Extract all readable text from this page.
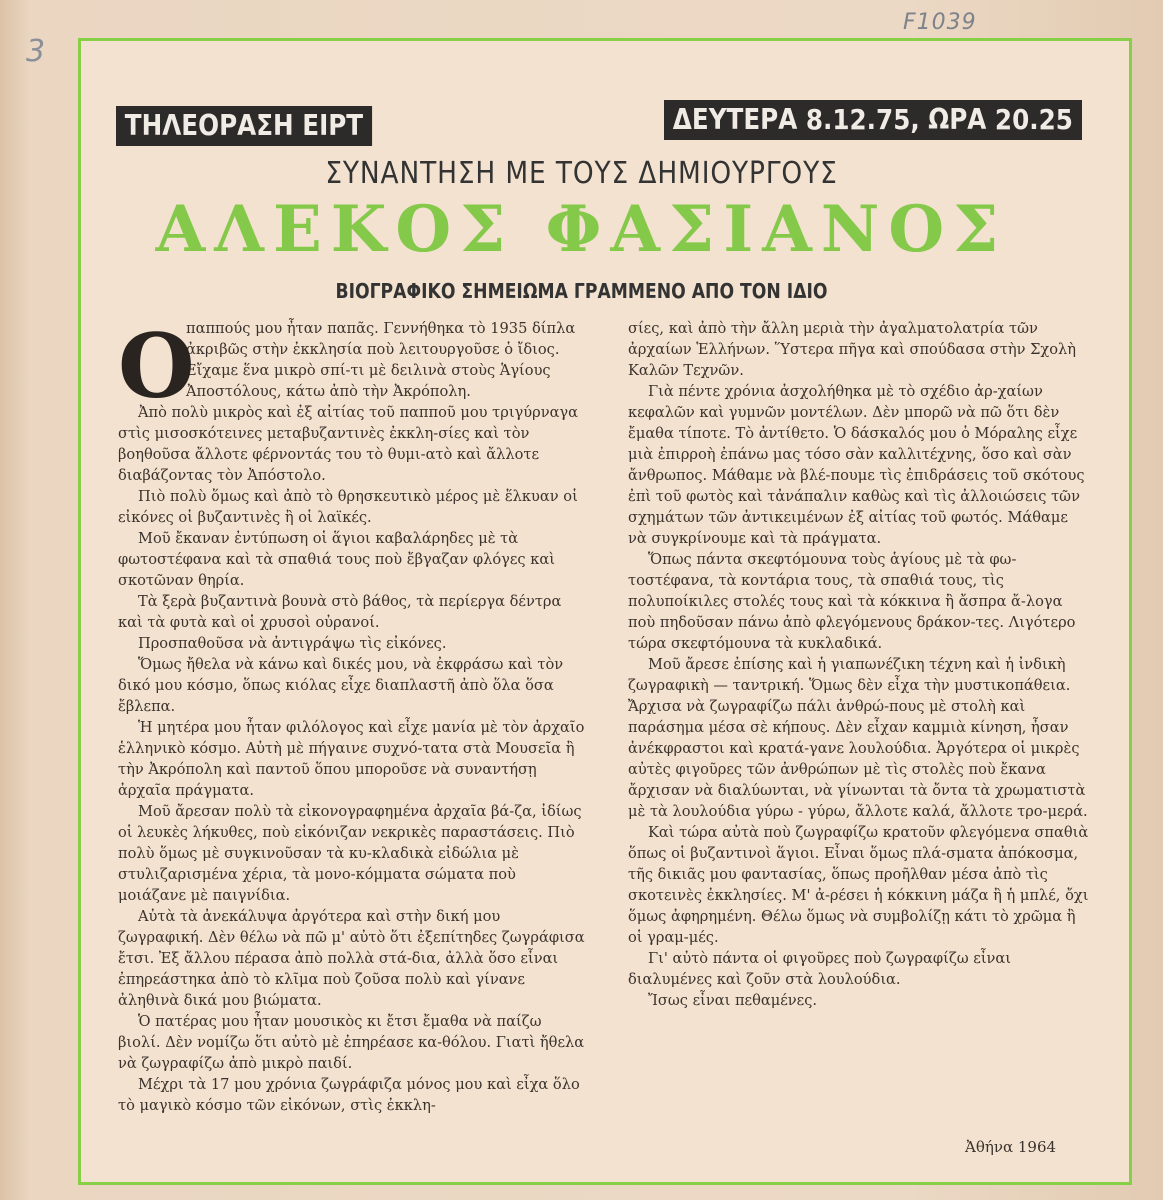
3
F1039
ΤΗΛΕΟΡΑΣΗ ΕΙΡΤ	ΔΕΥΤΕΡΑ 8.12.75, ΩΡΑ 20.25
ΣΥΝΑΝΤΗΣΗ ΜΕ ΤΟΥΣ ΔΗΜΙΟΥΡΓΟΥΣ
ΑΛΕΚΟΣ ΦΑΣΙΑΝΟΣ
ΒΙΟΓΡΑΦΙΚΟ ΣΗΜΕΙΩΜΑ ΓΡΑΜΜΕΝΟ ΑΠΟ ΤΟΝ ΙΔΙΟ
Ο

παππούς μου ἦταν παπᾶς. Γεννήθηκα τὸ 1935 δίπλα ἀκριβῶς στὴν ἐκκλησία ποὺ λειτουργοῦσε ὁ ἴδιος. Εἴχαμε ἕνα μικρὸ σπί-τι μὲ δειλινὰ στοὺς Ἁγίους Ἀποστόλους, κάτω ἀπὸ τὴν Ἀκρόπολη.

Ἀπὸ πολὺ μικρὸς καὶ ἐξ αἰτίας τοῦ παπποῦ μου τριγύρναγα στὶς μισοσκότεινες μεταβυζαντινὲς ἐκκλη-σίες καὶ τὸν βοηθοῦσα ἄλλοτε φέρνοντάς του τὸ θυμι-ατὸ καὶ ἄλλοτε διαβάζοντας τὸν Ἀπόστολο.

Πιὸ πολὺ ὅμως καὶ ἀπὸ τὸ θρησκευτικὸ μέρος μὲ ἕλκυαν οἱ εἰκόνες οἱ βυζαντινὲς ἢ οἱ λαϊκές.

Μοῦ ἔκαναν ἐντύπωση οἱ ἅγιοι καβαλάρηδες μὲ τὰ φωτοστέφανα καὶ τὰ σπαθιά τους ποὺ ἔβγαζαν φλόγες καὶ σκοτῶναν θηρία.

Τὰ ξερὰ βυζαντινὰ βουνὰ στὸ βάθος, τὰ περίεργα δέντρα καὶ τὰ φυτὰ καὶ οἱ χρυσοὶ οὐρανοί.

Προσπαθοῦσα νὰ ἀντιγράψω τὶς εἰκόνες.

Ὅμως ἤθελα νὰ κάνω καὶ δικές μου, νὰ ἐκφράσω καὶ τὸν δικό μου κόσμο, ὅπως κιόλας εἶχε διαπλαστῆ ἀπὸ ὅλα ὅσα ἔβλεπα.

Ἡ μητέρα μου ἦταν φιλόλογος καὶ εἶχε μανία μὲ τὸν ἀρχαῖο ἑλληνικὸ κόσμο. Αὐτὴ μὲ πήγαινε συχνό-τατα στὰ Μουσεῖα ἢ τὴν Ἀκρόπολη καὶ παντοῦ ὅπου μποροῦσε νὰ συναντήσῃ ἀρχαῖα πράγματα.

Μοῦ ἄρεσαν πολὺ τὰ εἰκονογραφημένα ἀρχαῖα βά-ζα, ἰδίως οἱ λευκὲς λήκυθες, ποὺ εἰκόνιζαν νεκρικὲς παραστάσεις. Πιὸ πολὺ ὅμως μὲ συγκινοῦσαν τὰ κυ-κλαδικὰ εἰδώλια μὲ στυλιζαρισμένα χέρια, τὰ μονο-κόμματα σώματα ποὺ μοιάζανε μὲ παιγνίδια.

Αὐτὰ τὰ ἀνεκάλυψα ἀργότερα καὶ στὴν δική μου ζωγραφική. Δὲν θέλω νὰ πῶ μ' αὐτὸ ὅτι ἐξεπίτηδες ζωγράφισα ἔτσι. Ἐξ ἄλλου πέρασα ἀπὸ πολλὰ στά-δια, ἀλλὰ ὅσο εἶναι ἐπηρεάστηκα ἀπὸ τὸ κλῖμα ποὺ ζοῦσα πολὺ καὶ γίνανε ἀληθινὰ δικά μου βιώματα.

Ὁ πατέρας μου ἦταν μουσικὸς κι ἔτσι ἔμαθα νὰ παίζω βιολί. Δὲν νομίζω ὅτι αὐτὸ μὲ ἐπηρέασε κα-θόλου. Γιατὶ ἤθελα νὰ ζωγραφίζω ἀπὸ μικρὸ παιδί.

Μέχρι τὰ 17 μου χρόνια ζωγράφιζα μόνος μου καὶ εἶχα ὅλο τὸ μαγικὸ κόσμο τῶν εἰκόνων, στὶς ἐκκλη-

σίες, καὶ ἀπὸ τὴν ἄλλη μεριὰ τὴν ἀγαλματολατρία τῶν ἀρχαίων Ἑλλήνων. Ὕστερα πῆγα καὶ σπούδασα στὴν Σχολὴ Καλῶν Τεχνῶν.

Γιὰ πέντε χρόνια ἀσχολήθηκα μὲ τὸ σχέδιο ἀρ-χαίων κεφαλῶν καὶ γυμνῶν μοντέλων. Δὲν μπορῶ νὰ πῶ ὅτι δὲν ἔμαθα τίποτε. Τὸ ἀντίθετο. Ὁ δάσκαλός μου ὁ Μόραλης εἶχε μιὰ ἐπιρροὴ ἐπάνω μας τόσο σὰν καλλιτέχνης, ὅσο καὶ σὰν ἄνθρωπος. Μάθαμε νὰ βλέ-πουμε τὶς ἐπιδράσεις τοῦ σκότους ἐπὶ τοῦ φωτὸς καὶ τἀνάπαλιν καθὼς καὶ τὶς ἀλλοιώσεις τῶν σχημάτων τῶν ἀντικειμένων ἐξ αἰτίας τοῦ φωτός. Μάθαμε νὰ συγκρίνουμε καὶ τὰ πράγματα.

Ὅπως πάντα σκεφτόμουνα τοὺς ἁγίους μὲ τὰ φω-τοστέφανα, τὰ κοντάρια τους, τὰ σπαθιά τους, τὶς πολυποίκιλες στολές τους καὶ τὰ κόκκινα ἢ ἄσπρα ἄ-λογα ποὺ πηδοῦσαν πάνω ἀπὸ φλεγόμενους δράκον-τες. Λιγότερο τώρα σκεφτόμουνα τὰ κυκλαδικά.

Μοῦ ἄρεσε ἐπίσης καὶ ἡ γιαπωνέζικη τέχνη καὶ ἡ ἰνδικὴ ζωγραφικὴ — ταντρική. Ὅμως δὲν εἶχα τὴν μυστικοπάθεια. Ἄρχισα νὰ ζωγραφίζω πάλι ἀνθρώ-πους μὲ στολὴ καὶ παράσημα μέσα σὲ κήπους. Δὲν εἶχαν καμμιὰ κίνηση, ἦσαν ἀνέκφραστοι καὶ κρατά-γανε λουλούδια. Ἀργότερα οἱ μικρὲς αὐτὲς φιγοῦρες τῶν ἀνθρώπων μὲ τὶς στολὲς ποὺ ἔκανα ἄρχισαν νὰ διαλύωνται, νὰ γίνωνται τὰ ὄντα τὰ χρωματιστὰ μὲ τὰ λουλούδια γύρω - γύρω, ἄλλοτε καλά, ἄλλοτε τρο-μερά.

Καὶ τώρα αὐτὰ ποὺ ζωγραφίζω κρατοῦν φλεγόμενα σπαθιὰ ὅπως οἱ βυζαντινοὶ ἅγιοι. Εἶναι ὅμως πλά-σματα ἀπόκοσμα, τῆς δικιᾶς μου φαντασίας, ὅπως προῆλθαν μέσα ἀπὸ τὶς σκοτεινὲς ἐκκλησίες. Μ' ἀ-ρέσει ἡ κόκκινη μάζα ἢ ἡ μπλέ, ὄχι ὅμως ἀφηρημένη. Θέλω ὅμως νὰ συμβολίζῃ κάτι τὸ χρῶμα ἢ οἱ γραμ-μές.

Γι' αὐτὸ πάντα οἱ φιγοῦρες ποὺ ζωγραφίζω εἶναι διαλυμένες καὶ ζοῦν στὰ λουλούδια.

Ἴσως εἶναι πεθαμένες.

Ἀθήνα 1964
